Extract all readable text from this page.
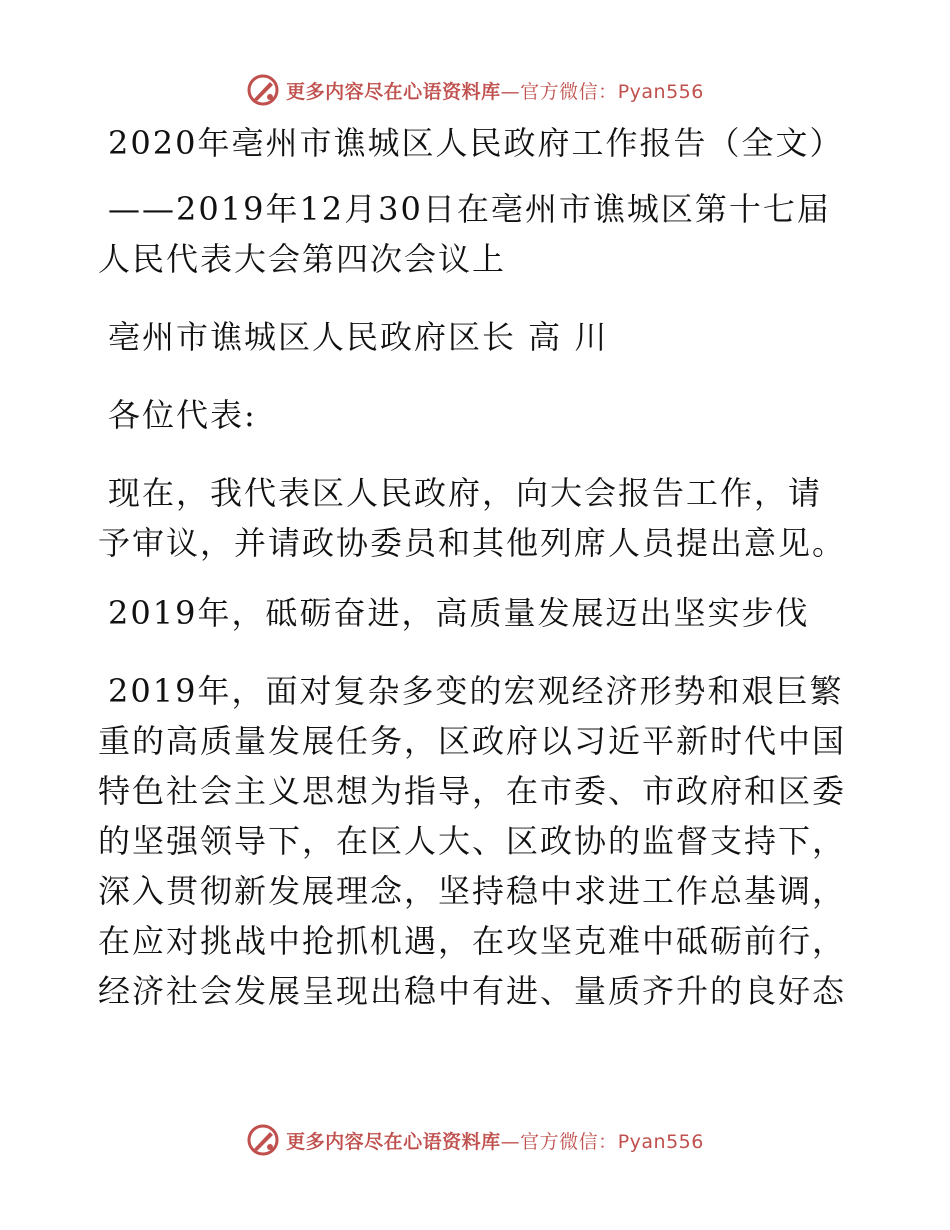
更多内容尽在心语资料库—官方微信：Pyan556

2020年亳州市谯城区人民政府工作报告（全文）

——2019年12月30日在亳州市谯城区第十七届人民代表大会第四次会议上

亳州市谯城区人民政府区长 高 川

各位代表:

现在，我代表区人民政府，向大会报告工作，请予审议，并请政协委员和其他列席人员提出意见。

2019年，砥砺奋进，高质量发展迈出坚实步伐

2019年，面对复杂多变的宏观经济形势和艰巨繁重的高质量发展任务，区政府以习近平新时代中国特色社会主义思想为指导，在市委、市政府和区委的坚强领导下，在区人大、区政协的监督支持下，深入贯彻新发展理念，坚持稳中求进工作总基调，在应对挑战中抢抓机遇，在攻坚克难中砥砺前行，经济社会发展呈现出稳中有进、量质齐升的良好态

更多内容尽在心语资料库—官方微信：Pyan556
